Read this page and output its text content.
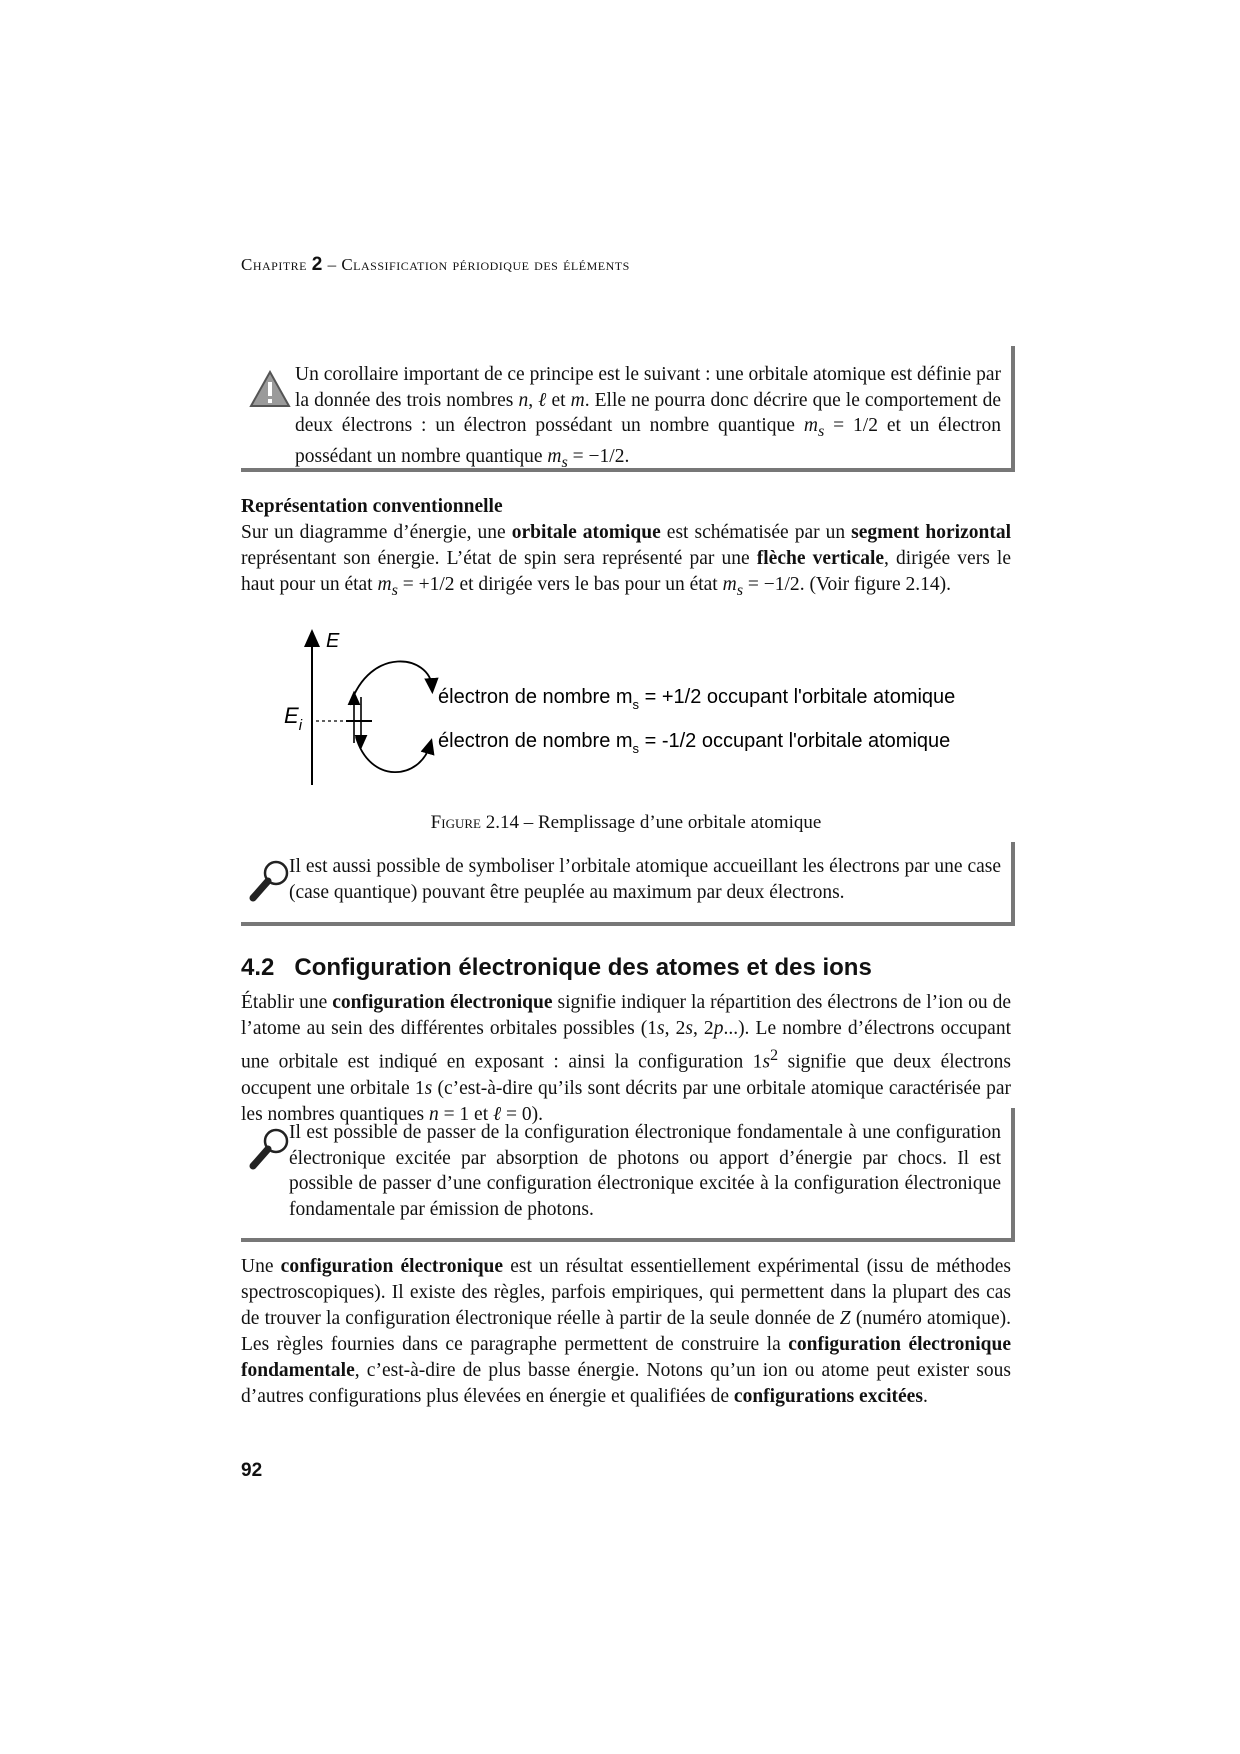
Chapitre 2 – Classification périodique des éléments
Un corollaire important de ce principe est le suivant : une orbitale atomique est définie par la donnée des trois nombres n, ℓ et m. Elle ne pourra donc décrire que le comportement de deux électrons : un électron possédant un nombre quantique $m_s = 1/2$ et un électron possédant un nombre quantique $m_s = -1/2$.
Représentation conventionnelle
Sur un diagramme d’énergie, une orbitale atomique est schématisée par un segment horizontal représentant son énergie. L’état de spin sera représenté par une flèche verticale, dirigée vers le haut pour un état $m_s = +1/2$ et dirigée vers le bas pour un état $m_s = -1/2$. (Voir figure 2.14).
E
$E_i$
électron de nombre $m_s = +1/2$ occupant l'orbitale atomique
électron de nombre $m_s = -1/2$ occupant l'orbitale atomique
Figure 2.14 – Remplissage d’une orbitale atomique
Il est aussi possible de symboliser l’orbitale atomique accueillant les électrons par une case (case quantique) pouvant être peuplée au maximum par deux électrons.
4.2 Configuration électronique des atomes et des ions
Établir une configuration électronique signifie indiquer la répartition des électrons de l’ion ou de l’atome au sein des différentes orbitales possibles (1s, 2s, 2p...). Le nombre d’électrons occupant une orbitale est indiqué en exposant : ainsi la configuration $1s^2$ signifie que deux électrons occupent une orbitale 1s (c’est-à-dire qu’ils sont décrits par une orbitale atomique caractérisée par les nombres quantiques n = 1 et ℓ = 0).
Il est possible de passer de la configuration électronique fondamentale à une configuration électronique excitée par absorption de photons ou apport d’énergie par chocs. Il est possible de passer d’une configuration électronique excitée à la configuration électronique fondamentale par émission de photons.
Une configuration électronique est un résultat essentiellement expérimental (issu de méthodes spectroscopiques). Il existe des règles, parfois empiriques, qui permettent dans la plupart des cas de trouver la configuration électronique réelle à partir de la seule donnée de Z (numéro atomique). Les règles fournies dans ce paragraphe permettent de construire la configuration électronique fondamentale, c’est-à-dire de plus basse énergie. Notons qu’un ion ou atome peut exister sous d’autres configurations plus élevées en énergie et qualifiées de configurations excitées.
92
